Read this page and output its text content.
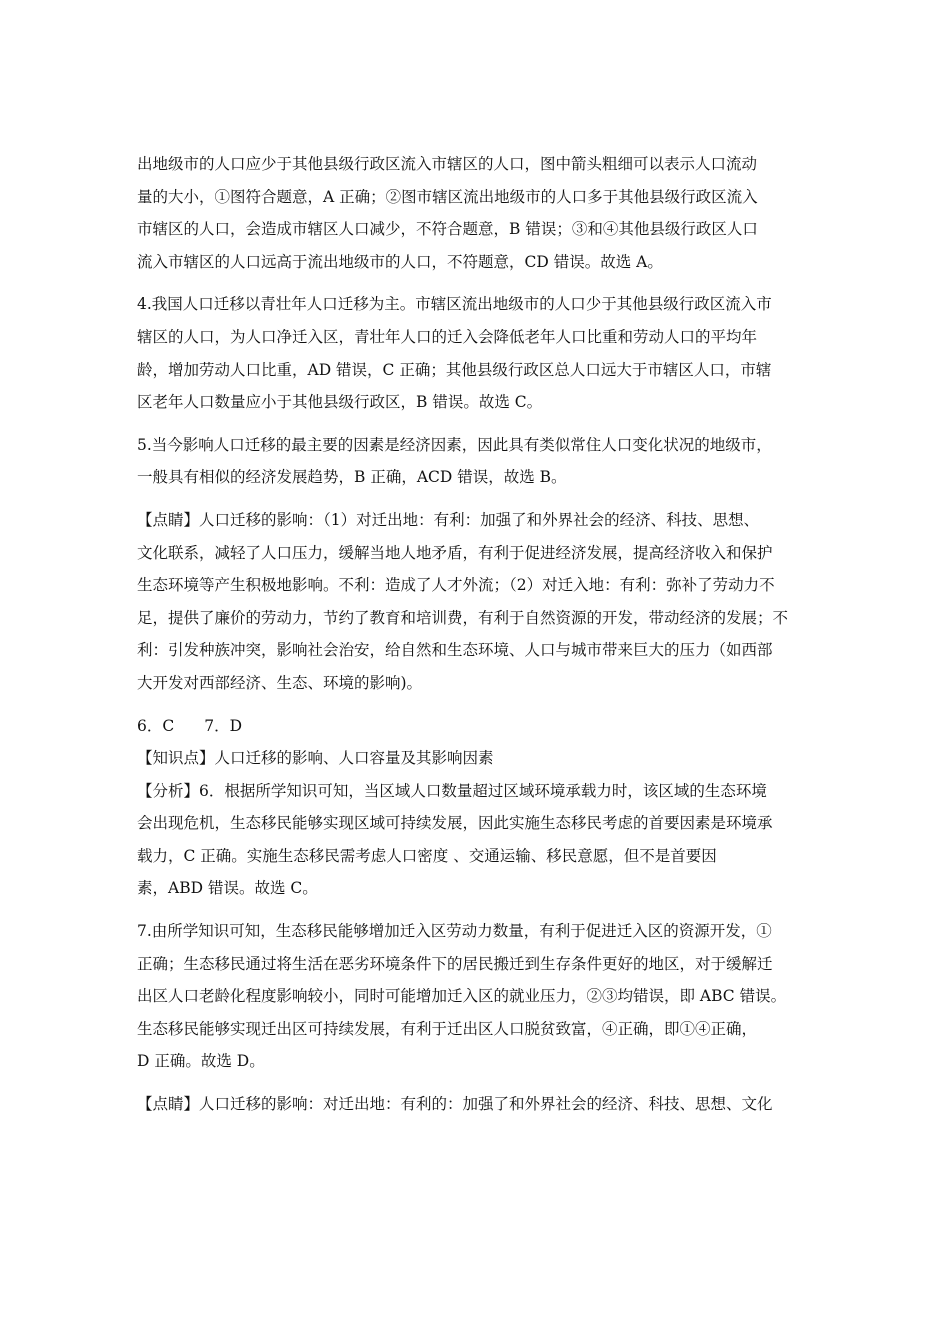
出地级市的人口应少于其他县级行政区流入市辖区的人口，图中箭头粗细可以表示人口流动
量的大小，①图符合题意，A 正确；②图市辖区流出地级市的人口多于其他县级行政区流入
市辖区的人口，会造成市辖区人口减少，不符合题意，B 错误；③和④其他县级行政区人口
流入市辖区的人口远高于流出地级市的人口，不符题意，CD 错误。故选 A。
4.我国人口迁移以青壮年人口迁移为主。市辖区流出地级市的人口少于其他县级行政区流入市
辖区的人口，为人口净迁入区，青壮年人口的迁入会降低老年人口比重和劳动人口的平均年
龄，增加劳动人口比重，AD 错误，C 正确；其他县级行政区总人口远大于市辖区人口，市辖
区老年人口数量应小于其他县级行政区，B 错误。故选 C。
5.当今影响人口迁移的最主要的因素是经济因素，因此具有类似常住人口变化状况的地级市，
一般具有相似的经济发展趋势，B 正确，ACD 错误，故选 B。
【点睛】人口迁移的影响：（1）对迁出地：有利：加强了和外界社会的经济、科技、思想、
文化联系，减轻了人口压力，缓解当地人地矛盾，有利于促进经济发展，提高经济收入和保护
生态环境等产生积极地影响。不利：造成了人才外流；（2）对迁入地：有利：弥补了劳动力不
足，提供了廉价的劳动力，节约了教育和培训费，有利于自然资源的开发，带动经济的发展；不
利：引发种族冲突，影响社会治安，给自然和生态环境、人口与城市带来巨大的压力（如西部
大开发对西部经济、生态、环境的影响)。
6．C 7．D
【知识点】人口迁移的影响、人口容量及其影响因素
【分析】6．根据所学知识可知，当区域人口数量超过区域环境承载力时，该区域的生态环境
会出现危机，生态移民能够实现区域可持续发展，因此实施生态移民考虑的首要因素是环境承
载力，C 正确。实施生态移民需考虑人口密度 、交通运输、移民意愿，但不是首要因
素，ABD 错误。故选 C。
7.由所学知识可知，生态移民能够增加迁入区劳动力数量，有利于促进迁入区的资源开发，①
正确；生态移民通过将生活在恶劣环境条件下的居民搬迁到生存条件更好的地区，对于缓解迁
出区人口老龄化程度影响较小，同时可能增加迁入区的就业压力，②③均错误，即 ABC 错误。
生态移民能够实现迁出区可持续发展，有利于迁出区人口脱贫致富，④正确，即①④正确，
D 正确。故选 D。
【点睛】人口迁移的影响：对迁出地：有利的：加强了和外界社会的经济、科技、思想、文化
